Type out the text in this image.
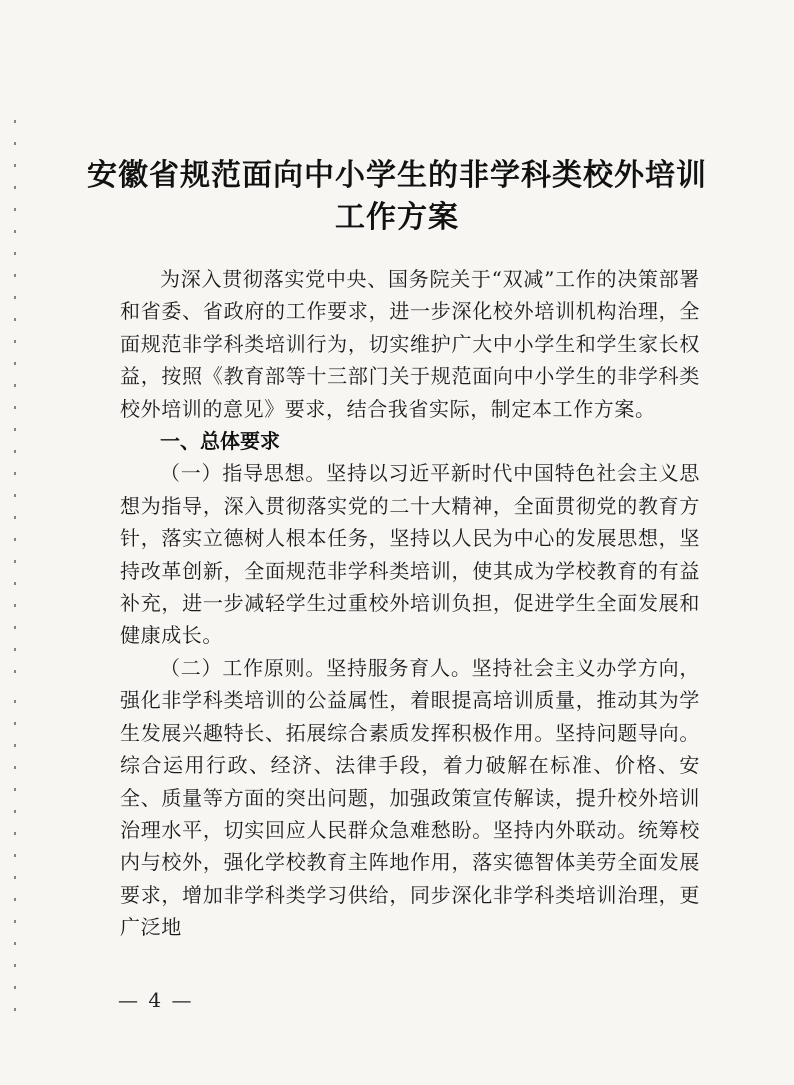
安徽省规范面向中小学生的非学科类校外培训
工作方案

为深入贯彻落实党中央、国务院关于“双减”工作的决策部署和省委、省政府的工作要求，进一步深化校外培训机构治理，全面规范非学科类培训行为，切实维护广大中小学生和学生家长权益，按照《教育部等十三部门关于规范面向中小学生的非学科类校外培训的意见》要求，结合我省实际，制定本工作方案。

一、总体要求

（一）指导思想。坚持以习近平新时代中国特色社会主义思想为指导，深入贯彻落实党的二十大精神，全面贯彻党的教育方针，落实立德树人根本任务，坚持以人民为中心的发展思想，坚持改革创新，全面规范非学科类培训，使其成为学校教育的有益补充，进一步减轻学生过重校外培训负担，促进学生全面发展和健康成长。

（二）工作原则。坚持服务育人。坚持社会主义办学方向，强化非学科类培训的公益属性，着眼提高培训质量，推动其为学生发展兴趣特长、拓展综合素质发挥积极作用。坚持问题导向。综合运用行政、经济、法律手段，着力破解在标准、价格、安全、质量等方面的突出问题，加强政策宣传解读，提升校外培训治理水平，切实回应人民群众急难愁盼。坚持内外联动。统筹校内与校外，强化学校教育主阵地作用，落实德智体美劳全面发展要求，增加非学科类学习供给，同步深化非学科类培训治理，更广泛地

— 4 —
